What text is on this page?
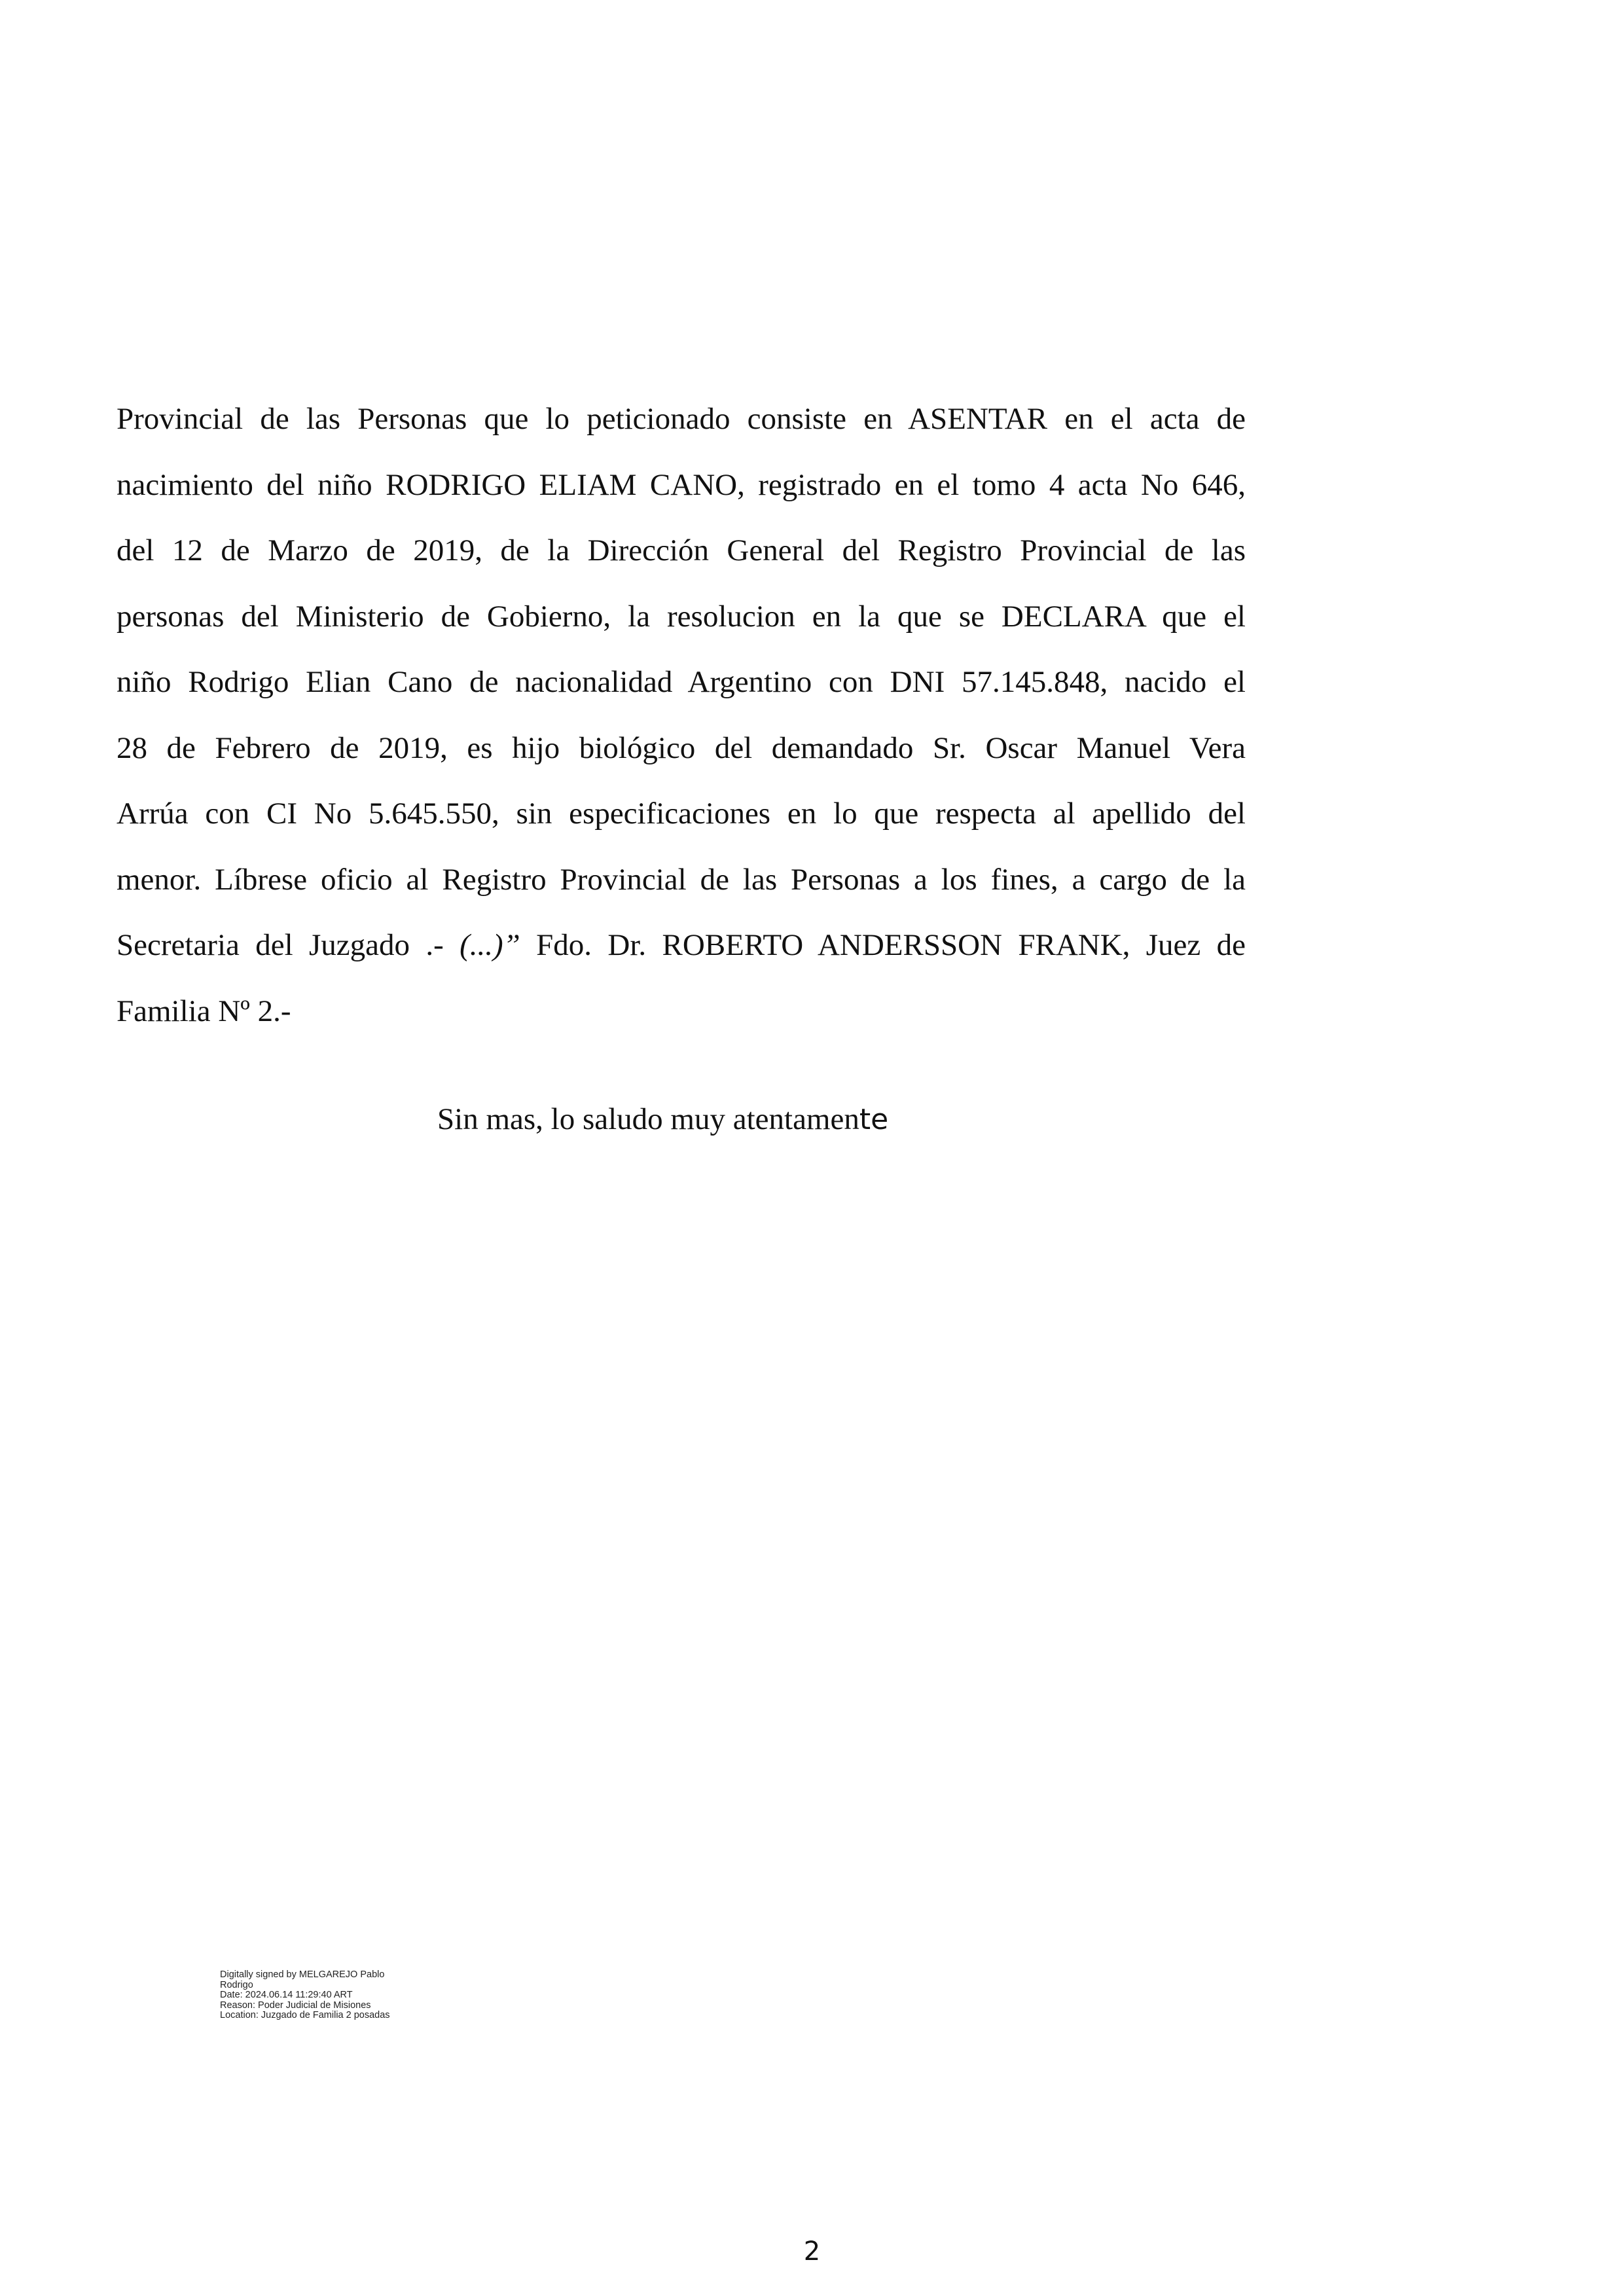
Provincial de las Personas que lo peticionado consiste en ASENTAR en el acta de
nacimiento del niño RODRIGO ELIAM CANO, registrado en el tomo 4 acta No 646,
del 12 de Marzo de 2019, de la Dirección General del Registro Provincial de las
personas del Ministerio de Gobierno, la resolucion en la que se DECLARA que el
niño Rodrigo Elian Cano de nacionalidad Argentino con DNI 57.145.848, nacido el
28 de Febrero de 2019, es hijo biológico del demandado Sr. Oscar Manuel Vera
Arrúa con CI No 5.645.550, sin especificaciones en lo que respecta al apellido del
menor. Líbrese oficio al Registro Provincial de las Personas a los fines, a cargo de la
Secretaria del Juzgado .- (...)” Fdo. Dr. ROBERTO ANDERSSON FRANK, Juez de
Familia Nº 2.-
Sin mas, lo saludo muy atentamente
Digitally signed by MELGAREJO Pablo
Rodrigo
Date: 2024.06.14 11:29:40 ART
Reason: Poder Judicial de Misiones
Location: Juzgado de Familia 2 posadas
2
